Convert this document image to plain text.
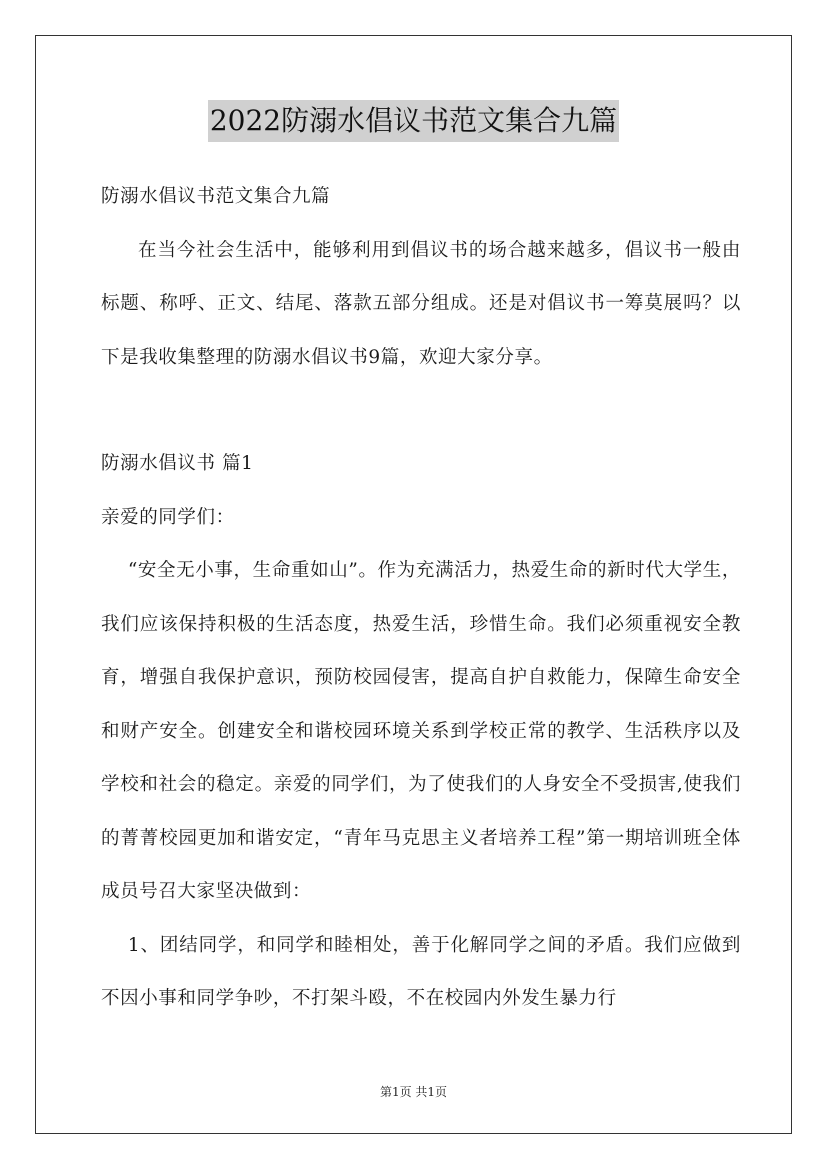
2022防溺水倡议书范文集合九篇

防溺水倡议书范文集合九篇

在当今社会生活中，能够利用到倡议书的场合越来越多，倡议书一般由标题、称呼、正文、结尾、落款五部分组成。还是对倡议书一筹莫展吗？以下是我收集整理的防溺水倡议书9篇，欢迎大家分享。

防溺水倡议书 篇1

亲爱的同学们：

“安全无小事，生命重如山”。作为充满活力，热爱生命的新时代大学生，我们应该保持积极的生活态度，热爱生活，珍惜生命。我们必须重视安全教育，增强自我保护意识，预防校园侵害，提高自护自救能力，保障生命安全和财产安全。创建安全和谐校园环境关系到学校正常的教学、生活秩序以及学校和社会的稳定。亲爱的同学们，为了使我们的人身安全不受损害,使我们的菁菁校园更加和谐安定，“青年马克思主义者培养工程”第一期培训班全体成员号召大家坚决做到：

1、团结同学，和同学和睦相处，善于化解同学之间的矛盾。我们应做到不因小事和同学争吵，不打架斗殴，不在校园内外发生暴力行

第1页 共1页
